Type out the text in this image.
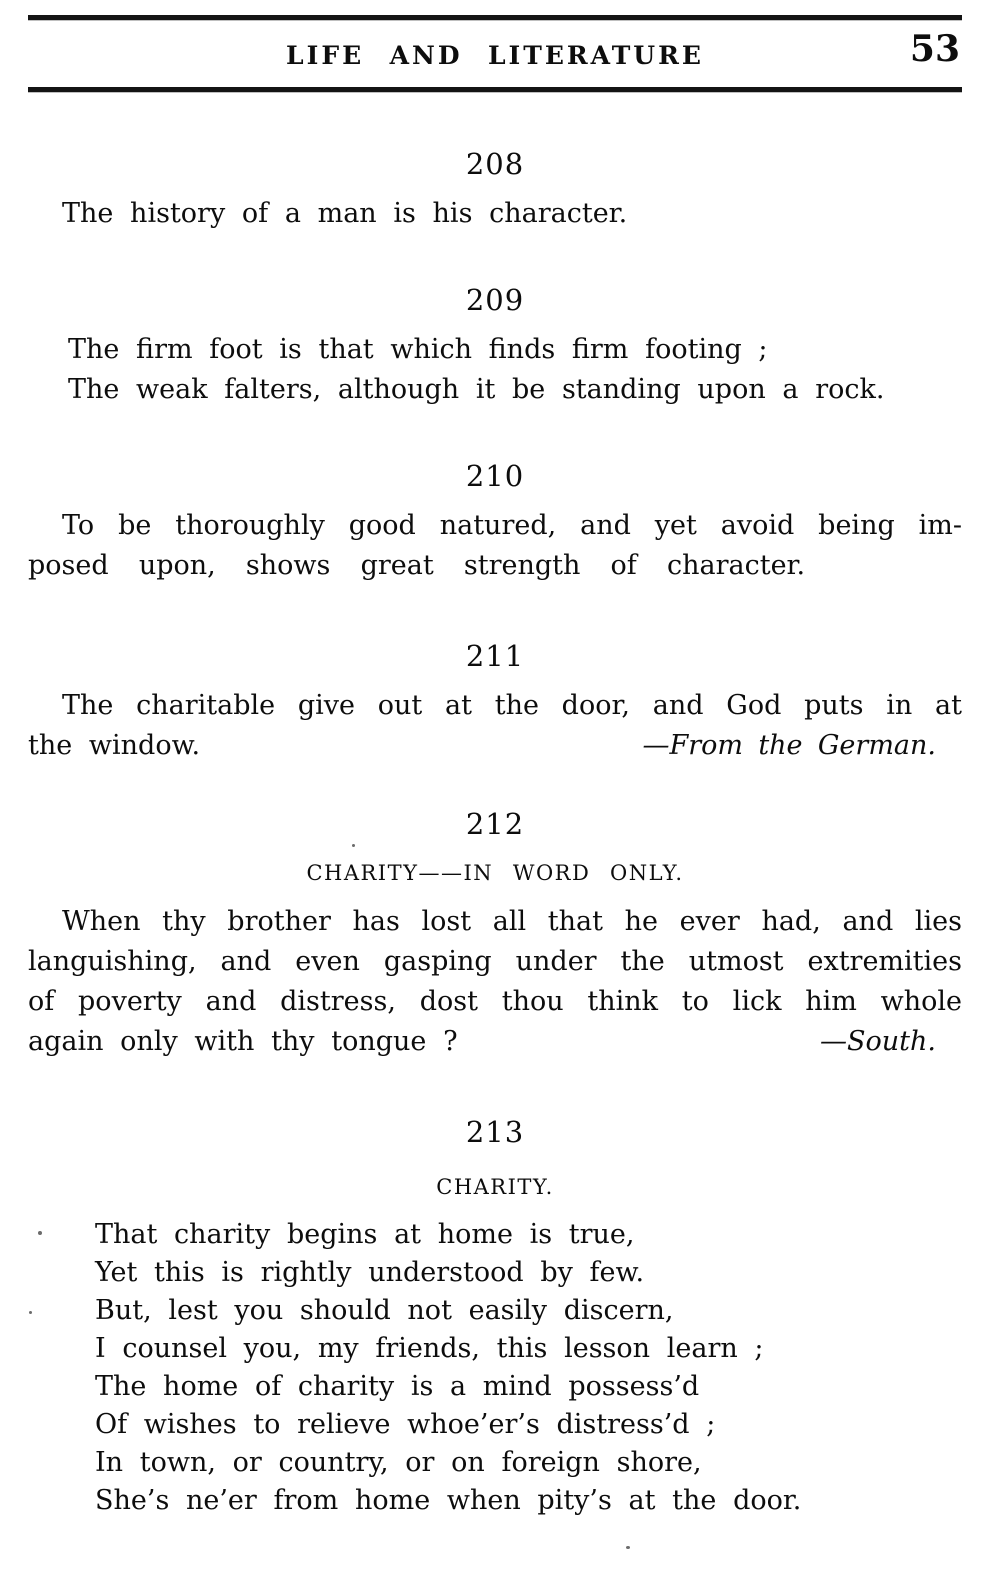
LIFE AND LITERATURE	53
208
The history of a man is his character.
209
The firm foot is that which finds firm footing ;
The weak falters, although it be standing upon a rock.
210
To be thoroughly good natured, and yet avoid being im-
posed upon, shows great strength of character.
211
The charitable give out at the door, and God puts in at
the window.	—From the German.
212
CHARITY——IN WORD ONLY.
When thy brother has lost all that he ever had, and lies
languishing, and even gasping under the utmost extremities
of poverty and distress, dost thou think to lick him whole
again only with thy tongue ?	—South.
213
CHARITY.
That charity begins at home is true,
Yet this is rightly understood by few.
But, lest you should not easily discern,
I counsel you, my friends, this lesson learn ;
The home of charity is a mind possess’d
Of wishes to relieve whoe’er’s distress’d ;
In town, or country, or on foreign shore,
She’s ne’er from home when pity’s at the door.
